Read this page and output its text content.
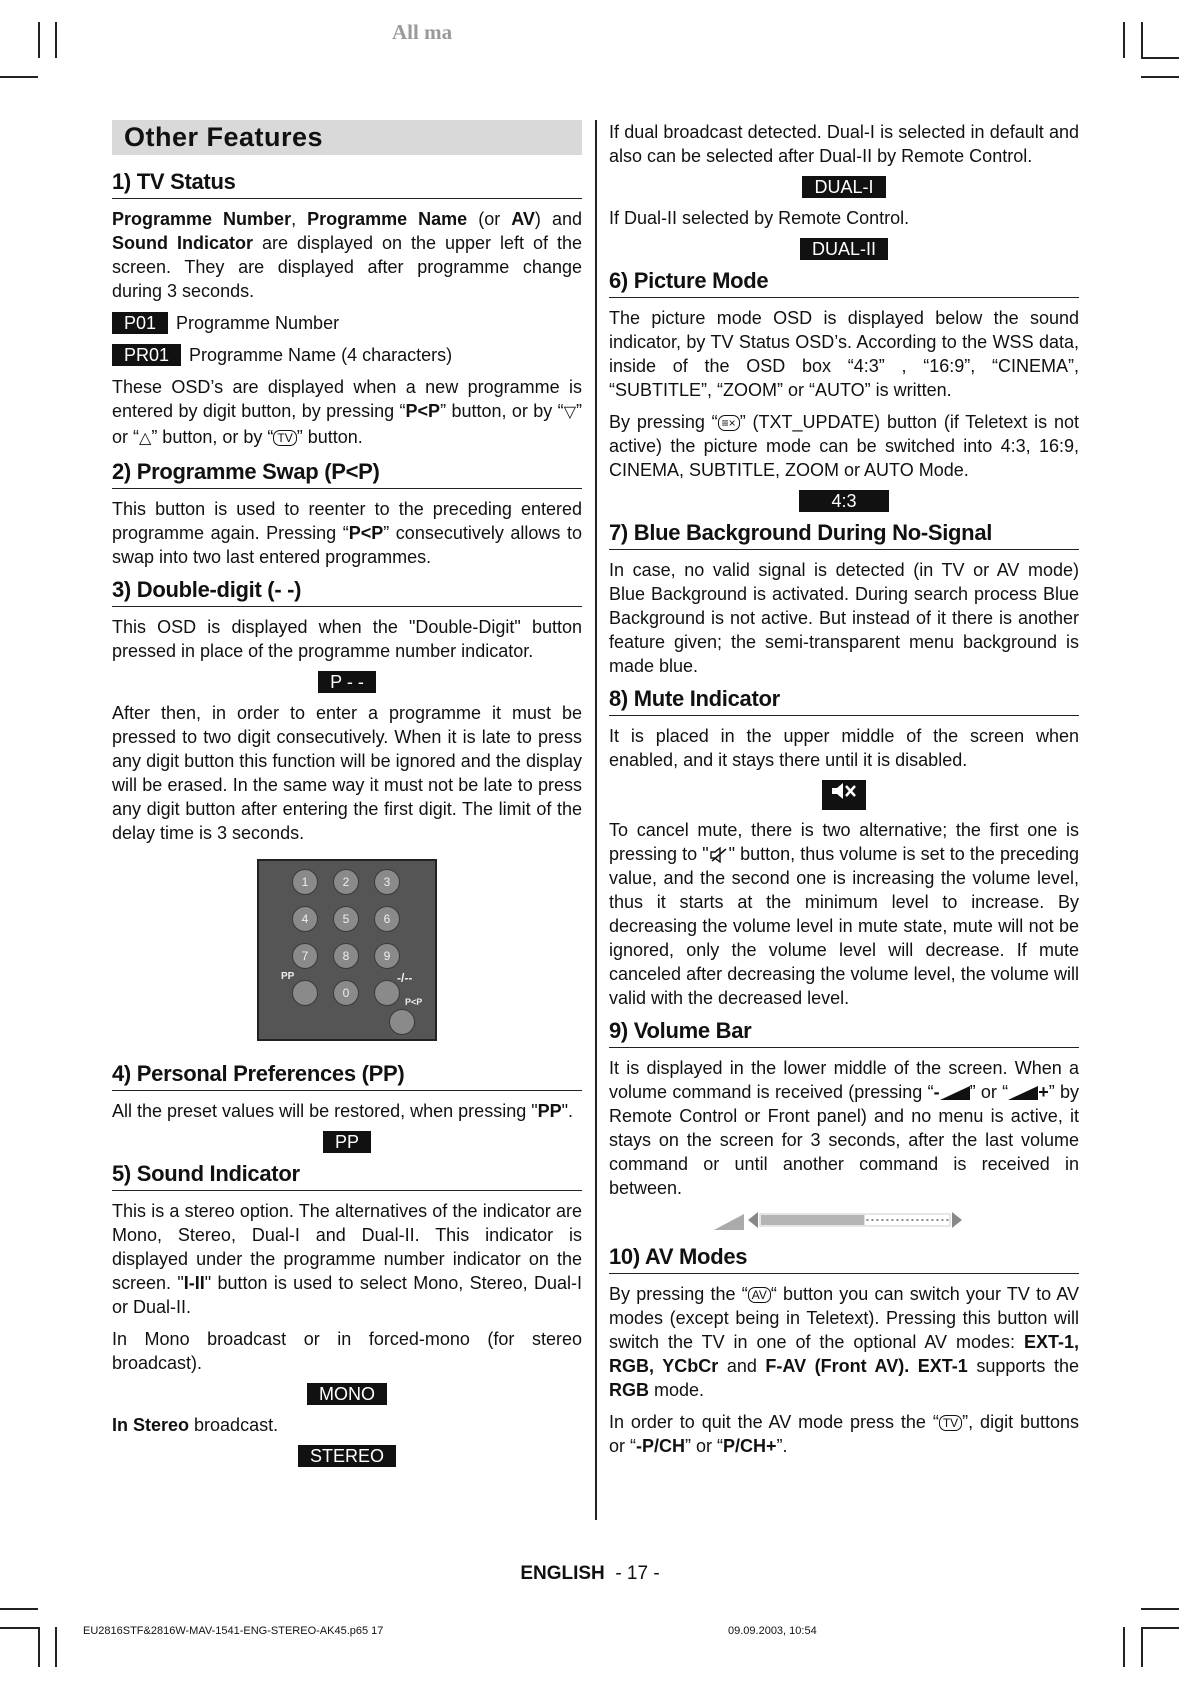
All ma
Other Features
1) TV Status

Programme Number, Programme Name (or AV) and Sound Indicator are displayed on the upper left of the screen. They are displayed after programme change during 3 seconds.

P01	Programme Number
PR01	Programme Name (4 characters)

These OSD’s are displayed when a new programme is entered by digit button, by pressing “P<P” button, or by “▽” or “△” button, or by “ TV ” button.

2) Programme Swap (P<P)

This button is used to reenter to the preceding entered programme again. Pressing “P<P” consecutively allows to swap into two last entered programmes.

3) Double-digit (- -)

This OSD is displayed when the "Double-Digit" button pressed in place of the programme number indicator.

P - -

After then, in order to enter a programme it must be pressed to two digit consecutively. When it is late to press any digit button this function will be ignored and the display will be erased. In the same way it must not be late to press any digit button after entering the first digit. The limit of the delay time is 3 seconds.

1	2	3
4	5	6
7	8	9
PP
0
-/--
P<P
4) Personal Preferences (PP)

All the preset values will be restored, when pressing "PP".

PP
5) Sound Indicator

This is a stereo option. The alternatives of the indicator are Mono, Stereo, Dual-I and Dual-II. This indicator is displayed under the programme number indicator on the screen. "I-II" button is used to select Mono, Stereo, Dual-I or Dual-II.

In Mono broadcast or in forced-mono (for stereo broadcast).

MONO

In Stereo broadcast.

STEREO

If dual broadcast detected. Dual-I is selected in default and also can be selected after Dual-II by Remote Control.

DUAL-I

If Dual-II selected by Remote Control.

DUAL-II
6) Picture Mode

The picture mode OSD is displayed below the sound indicator, by TV Status OSD’s. According to the WSS data, inside of the OSD box “4:3” , “16:9”, “CINEMA”, “SUBTITLE”, “ZOOM” or “AUTO” is written.

By pressing “ ≡× ” (TXT_UPDATE) button (if Teletext is not active) the picture mode can be switched into 4:3, 16:9, CINEMA, SUBTITLE, ZOOM or AUTO Mode.

4:3
7) Blue Background During No-Signal

In case, no valid signal is detected (in TV or AV mode) Blue Background is activated. During search process Blue Background is not active. But instead of it there is another feature given; the semi-transparent menu background is made blue.

8) Mute Indicator

It is placed in the upper middle of the screen when enabled, and it stays there until it is disabled.

To cancel mute, there is two alternative; the first one is pressing to " " button, thus volume is set to the preceding value, and the second one is increasing the volume level, thus it starts at the minimum level to increase. By decreasing the volume level in mute state, mute will not be ignored, only the volume level will decrease. If mute canceled after decreasing the volume level, the volume will valid with the decreased level.

9) Volume Bar

It is displayed in the lower middle of the screen. When a volume command is received (pressing “- ” or “ +” by Remote Control or Front panel) and no menu is active, it stays on the screen for 3 seconds, after the last volume command or until another command is received in between.

10) AV Modes

By pressing the “ AV “ button you can switch your TV to AV modes (except being in Teletext). Pressing this button will switch the TV in one of the optional AV modes: EXT-1, RGB, YCbCr and F-AV (Front AV). EXT-1 supports the RGB mode.

In order to quit the AV mode press the “ TV ”, digit buttons or “-P/CH” or “P/CH+”.

ENGLISH  - 17 -
EU2816STF&2816W-MAV-1541-ENG-STEREO-AK45.p65 17	09.09.2003, 10:54
